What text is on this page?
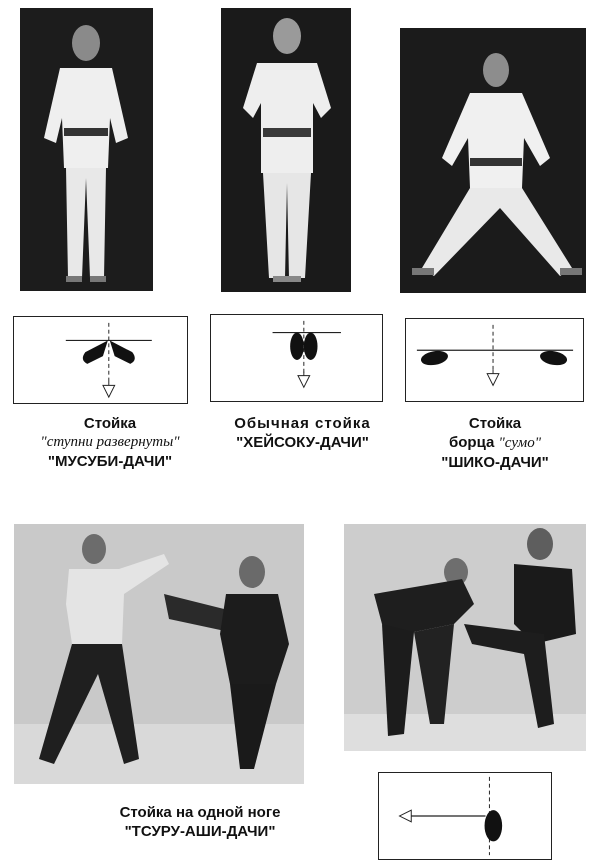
Стойка
"ступни развернуты"
"МУСУБИ-ДАЧИ"
Обычная стойка
"ХЕЙСОКУ-ДАЧИ"
Стойка
борца "сумо"
"ШИКО-ДАЧИ"
Стойка на одной ноге
"ТСУРУ-АШИ-ДАЧИ"
